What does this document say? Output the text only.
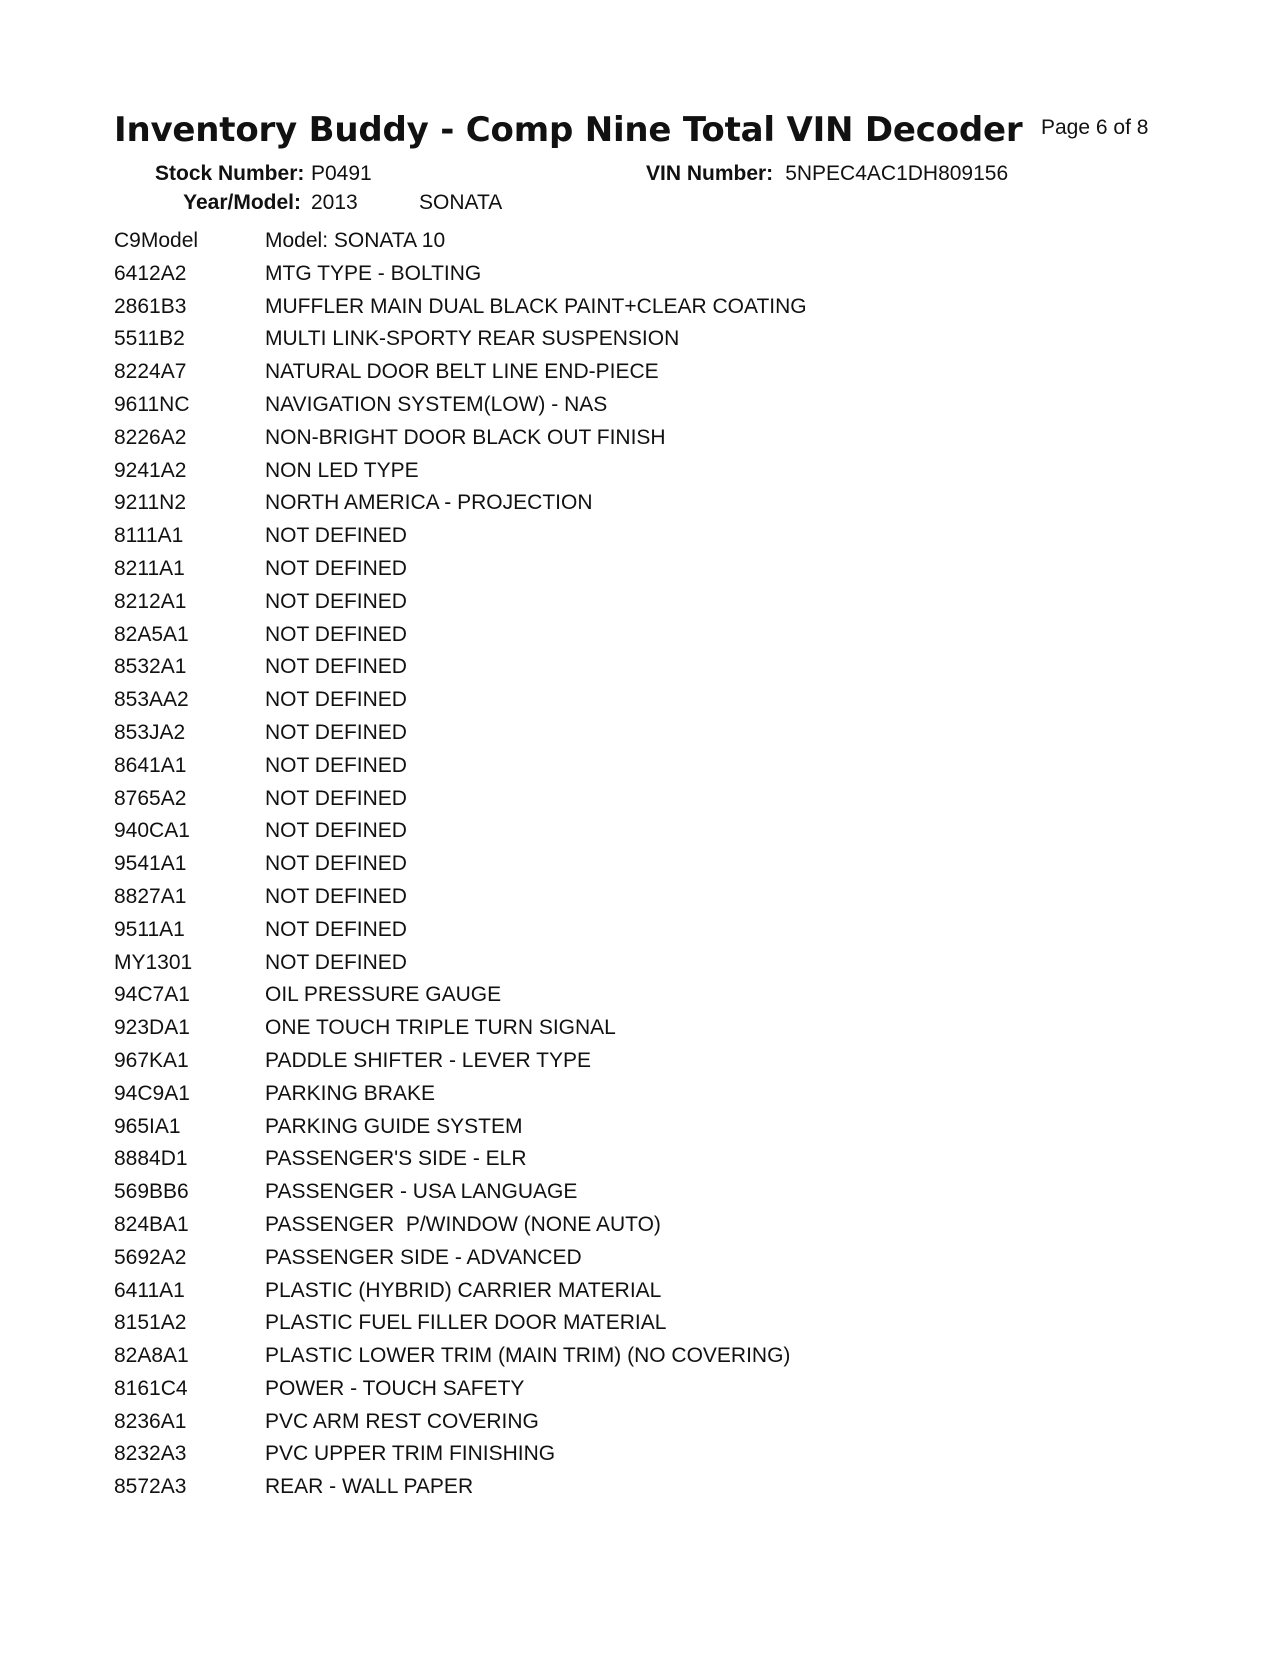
Inventory Buddy - Comp Nine Total VIN Decoder Page 6 of 8
Stock Number: P0491	VIN Number: 5NPEC4AC1DH809156
Year/Model: 2013	SONATA
C9Model	Model: SONATA 10
6412A2	MTG TYPE - BOLTING
2861B3	MUFFLER MAIN DUAL BLACK PAINT+CLEAR COATING
5511B2	MULTI LINK-SPORTY REAR SUSPENSION
8224A7	NATURAL DOOR BELT LINE END-PIECE
9611NC	NAVIGATION SYSTEM(LOW) - NAS
8226A2	NON-BRIGHT DOOR BLACK OUT FINISH
9241A2	NON LED TYPE
9211N2	NORTH AMERICA - PROJECTION
8111A1	NOT DEFINED
8211A1	NOT DEFINED
8212A1	NOT DEFINED
82A5A1	NOT DEFINED
8532A1	NOT DEFINED
853AA2	NOT DEFINED
853JA2	NOT DEFINED
8641A1	NOT DEFINED
8765A2	NOT DEFINED
940CA1	NOT DEFINED
9541A1	NOT DEFINED
8827A1	NOT DEFINED
9511A1	NOT DEFINED
MY1301	NOT DEFINED
94C7A1	OIL PRESSURE GAUGE
923DA1	ONE TOUCH TRIPLE TURN SIGNAL
967KA1	PADDLE SHIFTER - LEVER TYPE
94C9A1	PARKING BRAKE
965IA1	PARKING GUIDE SYSTEM
8884D1	PASSENGER'S SIDE - ELR
569BB6	PASSENGER - USA LANGUAGE
824BA1	PASSENGER  P/WINDOW (NONE AUTO)
5692A2	PASSENGER SIDE - ADVANCED
6411A1	PLASTIC (HYBRID) CARRIER MATERIAL
8151A2	PLASTIC FUEL FILLER DOOR MATERIAL
82A8A1	PLASTIC LOWER TRIM (MAIN TRIM) (NO COVERING)
8161C4	POWER - TOUCH SAFETY
8236A1	PVC ARM REST COVERING
8232A3	PVC UPPER TRIM FINISHING
8572A3	REAR - WALL PAPER
